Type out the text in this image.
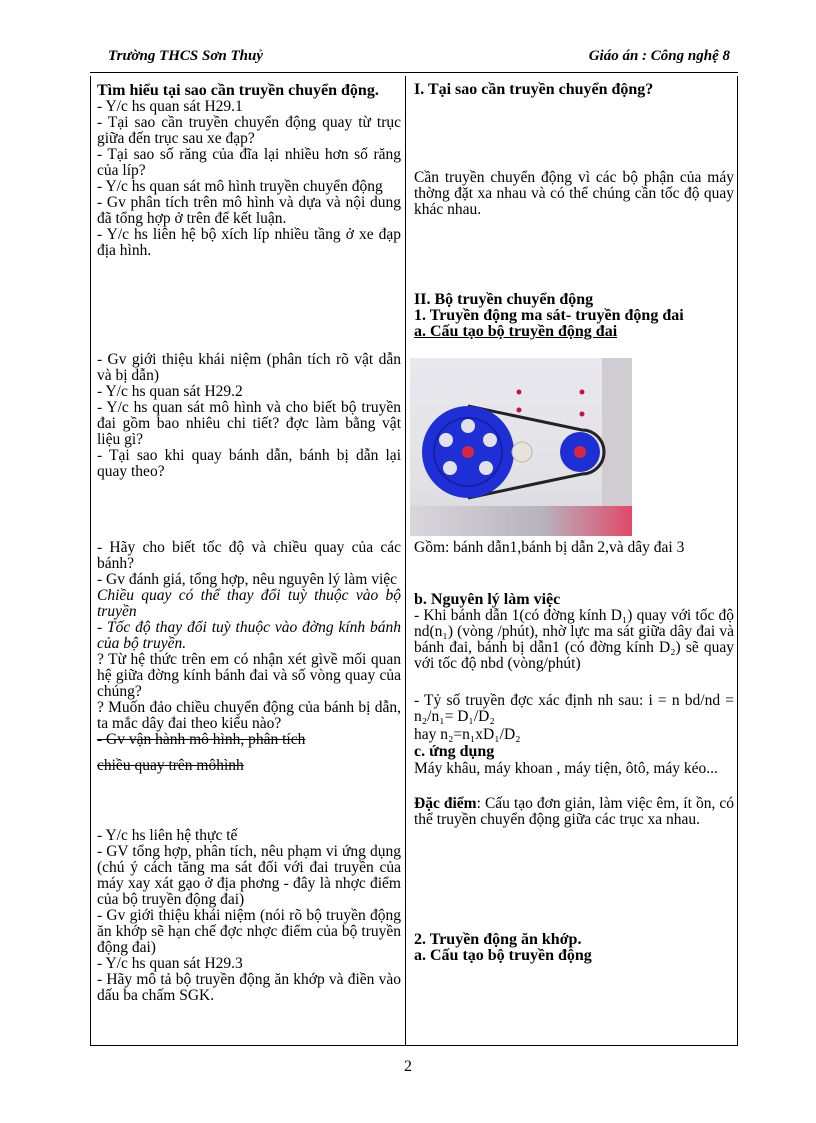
Trường THCS Sơn Thuỷ	Giáo án : Công nghệ 8

Tìm hiểu tại sao cần truyền chuyển động.

- Y/c hs quan sát H29.1

- Tại sao cần truyền chuyển động quay từ trục giữa đến trục sau xe đạp?

- Tại sao số răng của đĩa lại nhiều hơn số răng của líp?

- Y/c hs quan sát mô hình truyền chuyển động

- Gv phân tích trên mô hình và dựa và nội dung đã tổng hợp ở trên để kết luận.

- Y/c hs liên hệ bộ xích líp nhiều tầng ở xe đạp địa hình.

- Gv giới thiệu khái niệm (phân tích rõ vật dẫn và bị dẫn)

- Y/c hs quan sát H29.2

- Y/c hs quan sát mô hình và cho biết bộ truyền đai gồm bao nhiêu chi tiết? đợc làm bằng vật liệu gì?

- Tại sao khi quay bánh dẫn, bánh bị dẫn lại quay theo?

- Hãy cho biết tốc độ và chiều quay của các bánh?

- Gv đánh giá, tổng hợp, nêu nguyên lý làm việc

Chiều quay có thể thay đổi tuỳ thuộc vào bộ truyền

- Tốc độ thay đổi tuỳ thuộc vào đờng kính bánh của bộ truyền.

? Từ hệ thức trên em có nhận xét gìvề mối quan hệ giữa đờng kính bánh đai và số vòng quay của chúng?

? Muốn đảo chiều chuyển động của bánh bị dẫn, ta mắc dây đai theo kiểu nào?

- Gv vận hành mô hình, phân tích

chiều quay trên môhình

- Y/c hs liên hệ thực tế

- GV tổng hợp, phân tích, nêu phạm vi ứng dụng (chú ý cách tăng ma sát đối với đai truyền của máy xay xát gạo ở địa phơng - đây là nhợc điểm của bộ truyền động đai)

- Gv giới thiệu khái niệm (nói rõ bộ truyền động ăn khớp sẽ hạn chế đợc nhợc điểm của bộ truyền động đai)

- Y/c hs quan sát H29.3

- Hãy mô tả bộ truyền động ăn khớp và điền vào dấu ba chấm SGK.

I. Tại sao cần truyền chuyển động?
Cần truyền chuyển động vì các bộ phận của máy thờng đặt xa nhau và có thể chúng cần tốc độ quay khác nhau.

II. Bộ truyền chuyển động

1. Truyền động ma sát- truyền động đai

a. Cấu tạo bộ truyền động đai

Gồm: bánh dẫn1,bánh bị dẫn 2,và dây đai 3
b. Nguyên lý làm việc
- Khi bánh dẫn 1(có đờng kính D₁) quay với tốc độ nd(n₁) (vòng /phút), nhờ lực ma sát giữa dây đai và bánh đai, bánh bị dẫn1 (có đờng kính D₂) sẽ quay với tốc độ nbd (vòng/phút)
- Tỷ số truyền đợc xác định nh sau: i = n bd/nd = n₂/n₁= D₁/D₂
hay n₂=n₁xD₁/D₂
c. ứng dụng
Máy khâu, máy khoan , máy tiện, ôtô, máy kéo...
Đặc điểm: Cấu tạo đơn giản, làm việc êm, ít ồn, có thể truyền chuyển động giữa các trục xa nhau.
2. Truyền động ăn khớp.
a. Cấu tạo bộ truyền động
2
